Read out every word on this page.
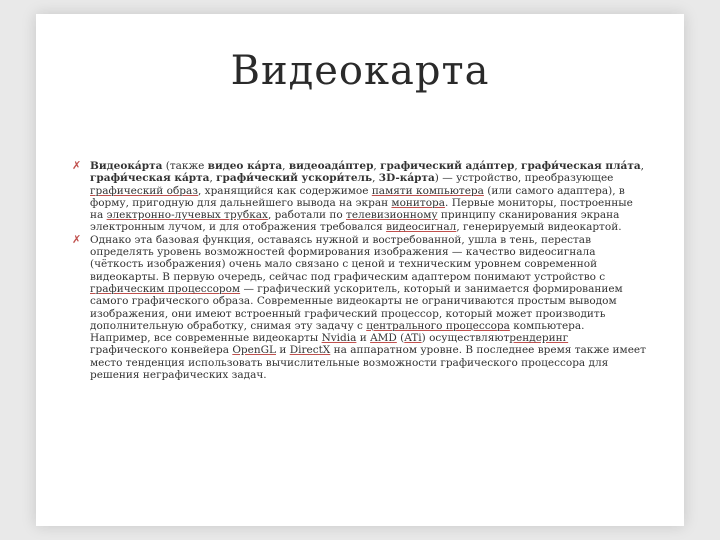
Видеокарта

✗ Видеока́рта (также видео ка́рта, видеоада́птер, графический ада́птер, графи́ческая пла́та, графи́ческая ка́рта, графи́ческий ускори́тель, 3D-ка́рта) — устройство, преобразующее графический образ, хранящийся как содержимое памяти компьютера (или самого адаптера), в форму, пригодную для дальнейшего вывода на экран монитора. Первые мониторы, построенные на электронно-лучевых трубках, работали по телевизионному принципу сканирования экрана электронным лучом, и для отображения требовался видеосигнал, генерируемый видеокартой.

✗ Однако эта базовая функция, оставаясь нужной и востребованной, ушла в тень, перестав определять уровень возможностей формирования изображения — качество видеосигнала (чёткость изображения) очень мало связано с ценой и техническим уровнем современной видеокарты. В первую очередь, сейчас под графическим адаптером понимают устройство с графическим процессором — графический ускоритель, который и занимается формированием самого графического образа. Современные видеокарты не ограничиваются простым выводом изображения, они имеют встроенный графический процессор, который может производить дополнительную обработку, снимая эту задачу с центрального процессора компьютера. Например, все современные видеокарты Nvidia и AMD (ATi) осуществляютрендеринг графического конвейера OpenGL и DirectX на аппаратном уровне. В последнее время также имеет место тенденция использовать вычислительные возможности графического процессора для решения неграфических задач.
